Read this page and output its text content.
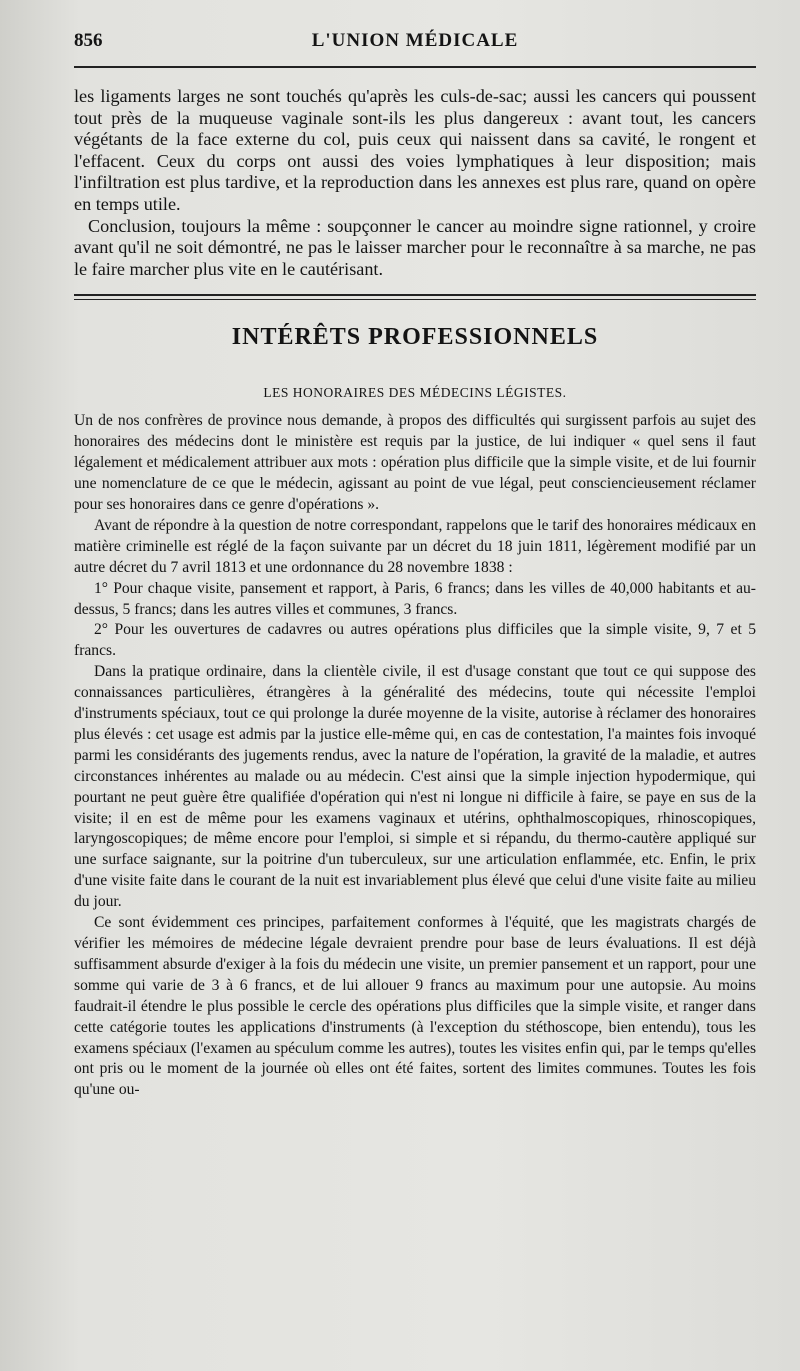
856	L'UNION MÉDICALE

les ligaments larges ne sont touchés qu'après les culs-de-sac; aussi les cancers qui poussent tout près de la muqueuse vaginale sont-ils les plus dangereux : avant tout, les cancers végétants de la face externe du col, puis ceux qui naissent dans sa cavité, le rongent et l'effacent. Ceux du corps ont aussi des voies lymphatiques à leur disposition; mais l'infiltration est plus tardive, et la reproduction dans les annexes est plus rare, quand on opère en temps utile.

Conclusion, toujours la même : soupçonner le cancer au moindre signe rationnel, y croire avant qu'il ne soit démontré, ne pas le laisser marcher pour le reconnaître à sa marche, ne pas le faire marcher plus vite en le cautérisant.

INTÉRÊTS PROFESSIONNELS
LES HONORAIRES DES MÉDECINS LÉGISTES.

Un de nos confrères de province nous demande, à propos des difficultés qui surgissent parfois au sujet des honoraires des médecins dont le ministère est requis par la justice, de lui indiquer « quel sens il faut légalement et médicalement attribuer aux mots : opération plus difficile que la simple visite, et de lui fournir une nomenclature de ce que le médecin, agissant au point de vue légal, peut consciencieusement réclamer pour ses honoraires dans ce genre d'opérations ».

Avant de répondre à la question de notre correspondant, rappelons que le tarif des honoraires médicaux en matière criminelle est réglé de la façon suivante par un décret du 18 juin 1811, légèrement modifié par un autre décret du 7 avril 1813 et une ordonnance du 28 novembre 1838 :

1° Pour chaque visite, pansement et rapport, à Paris, 6 francs; dans les villes de 40,000 habitants et au-dessus, 5 francs; dans les autres villes et communes, 3 francs.

2° Pour les ouvertures de cadavres ou autres opérations plus difficiles que la simple visite, 9, 7 et 5 francs.

Dans la pratique ordinaire, dans la clientèle civile, il est d'usage constant que tout ce qui suppose des connaissances particulières, étrangères à la généralité des médecins, toute qui nécessite l'emploi d'instruments spéciaux, tout ce qui prolonge la durée moyenne de la visite, autorise à réclamer des honoraires plus élevés : cet usage est admis par la justice elle-même qui, en cas de contestation, l'a maintes fois invoqué parmi les considérants des jugements rendus, avec la nature de l'opération, la gravité de la maladie, et autres circonstances inhérentes au malade ou au médecin. C'est ainsi que la simple injection hypodermique, qui pourtant ne peut guère être qualifiée d'opération qui n'est ni longue ni difficile à faire, se paye en sus de la visite; il en est de même pour les examens vaginaux et utérins, ophthalmoscopiques, rhinoscopiques, laryngoscopiques; de même encore pour l'emploi, si simple et si répandu, du thermo-cautère appliqué sur une surface saignante, sur la poitrine d'un tuberculeux, sur une articulation enflammée, etc. Enfin, le prix d'une visite faite dans le courant de la nuit est invariablement plus élevé que celui d'une visite faite au milieu du jour.

Ce sont évidemment ces principes, parfaitement conformes à l'équité, que les magistrats chargés de vérifier les mémoires de médecine légale devraient prendre pour base de leurs évaluations. Il est déjà suffisamment absurde d'exiger à la fois du médecin une visite, un premier pansement et un rapport, pour une somme qui varie de 3 à 6 francs, et de lui allouer 9 francs au maximum pour une autopsie. Au moins faudrait-il étendre le plus possible le cercle des opérations plus difficiles que la simple visite, et ranger dans cette catégorie toutes les applications d'instruments (à l'exception du stéthoscope, bien entendu), tous les examens spéciaux (l'examen au spéculum comme les autres), toutes les visites enfin qui, par le temps qu'elles ont pris ou le moment de la journée où elles ont été faites, sortent des limites communes. Toutes les fois qu'une ou-
